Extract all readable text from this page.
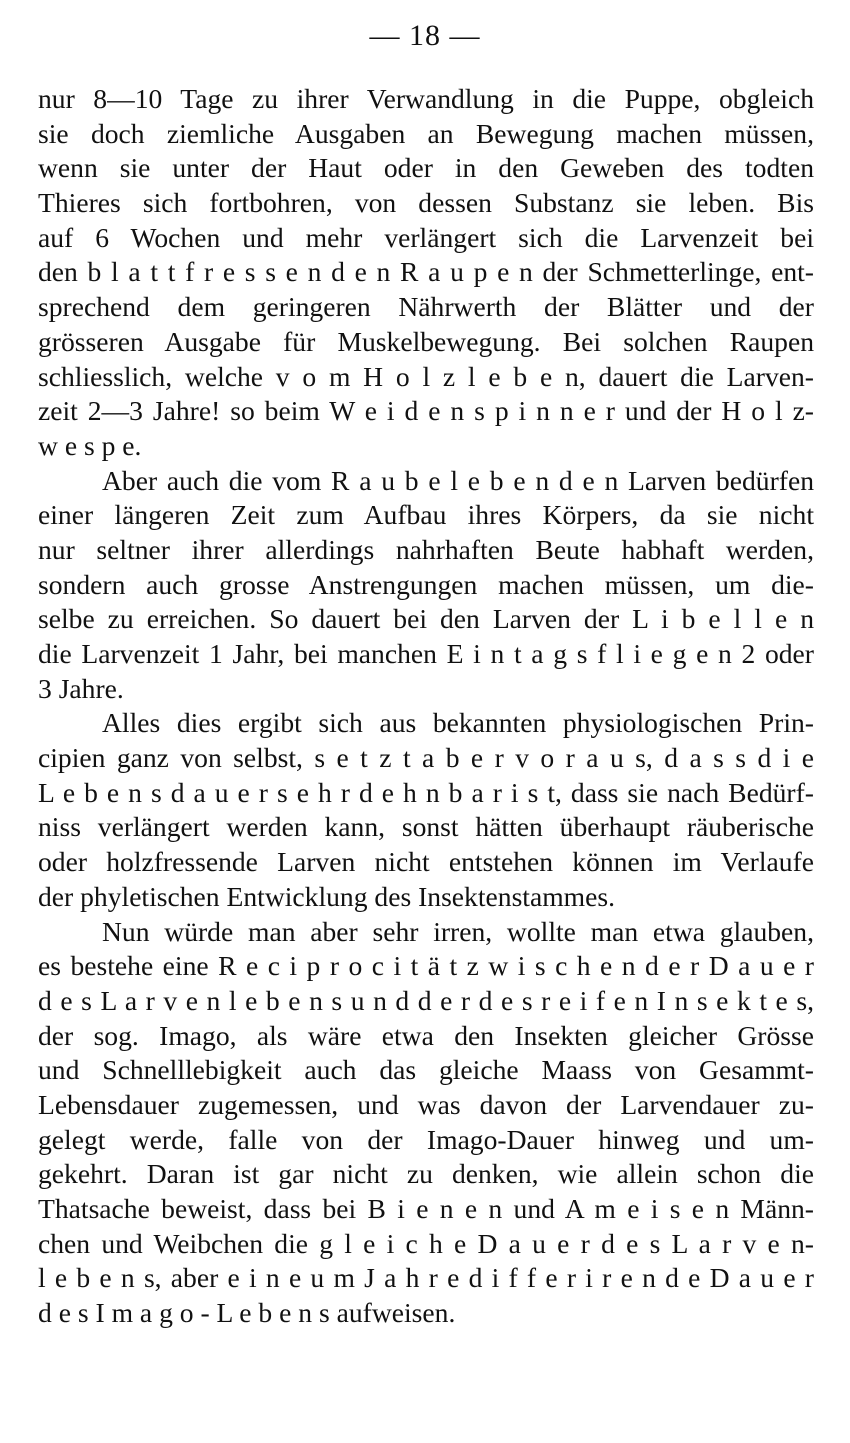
— 18 —
nur 8—10 Tage zu ihrer Verwandlung in die Puppe, obgleich
sie doch ziemliche Ausgaben an Bewegung machen müssen,
wenn sie unter der Haut oder in den Geweben des todten
Thieres sich fortbohren, von dessen Substanz sie leben. Bis
auf 6 Wochen und mehr verlängert sich die Larvenzeit bei
den b l a t t f r e s s e n d e n R a u p e n der Schmetterlinge, ent-
sprechend dem geringeren Nährwerth der Blätter und der
grösseren Ausgabe für Muskelbewegung. Bei solchen Raupen
schliesslich, welche v o m H o l z l e b e n, dauert die Larven-
zeit 2—3 Jahre! so beim W e i d e n s p i n n e r und der H o l z-
w e s p e.
Aber auch die vom R a u b e l e b e n d e n Larven bedürfen
einer längeren Zeit zum Aufbau ihres Körpers, da sie nicht
nur seltner ihrer allerdings nahrhaften Beute habhaft werden,
sondern auch grosse Anstrengungen machen müssen, um die-
selbe zu erreichen. So dauert bei den Larven der L i b e l l e n
die Larvenzeit 1 Jahr, bei manchen E i n t a g s f l i e g e n 2 oder
3 Jahre.
Alles dies ergibt sich aus bekannten physiologischen Prin-
cipien ganz von selbst, s e t z t a b e r v o r a u s, d a s s d i e
L e b e n s d a u e r s e h r d e h n b a r i s t, dass sie nach Bedürf-
niss verlängert werden kann, sonst hätten überhaupt räuberische
oder holzfressende Larven nicht entstehen können im Verlaufe
der phyletischen Entwicklung des Insektenstammes.
Nun würde man aber sehr irren, wollte man etwa glauben,
es bestehe eine R e c i p r o c i t ä t z w i s c h e n d e r D a u e r
d e s L a r v e n l e b e n s u n d d e r d e s r e i f e n I n s e k t e s,
der sog. Imago, als wäre etwa den Insekten gleicher Grösse
und Schnelllebigkeit auch das gleiche Maass von Gesammt-
Lebensdauer zugemessen, und was davon der Larvendauer zu-
gelegt werde, falle von der Imago-Dauer hinweg und um-
gekehrt. Daran ist gar nicht zu denken, wie allein schon die
Thatsache beweist, dass bei B i e n e n und A m e i s e n Männ-
chen und Weibchen die g l e i c h e D a u e r d e s L a r v e n-
l e b e n s, aber e i n e u m J a h r e d i f f e r i r e n d e D a u e r
d e s I m a g o - L e b e n s aufweisen.
